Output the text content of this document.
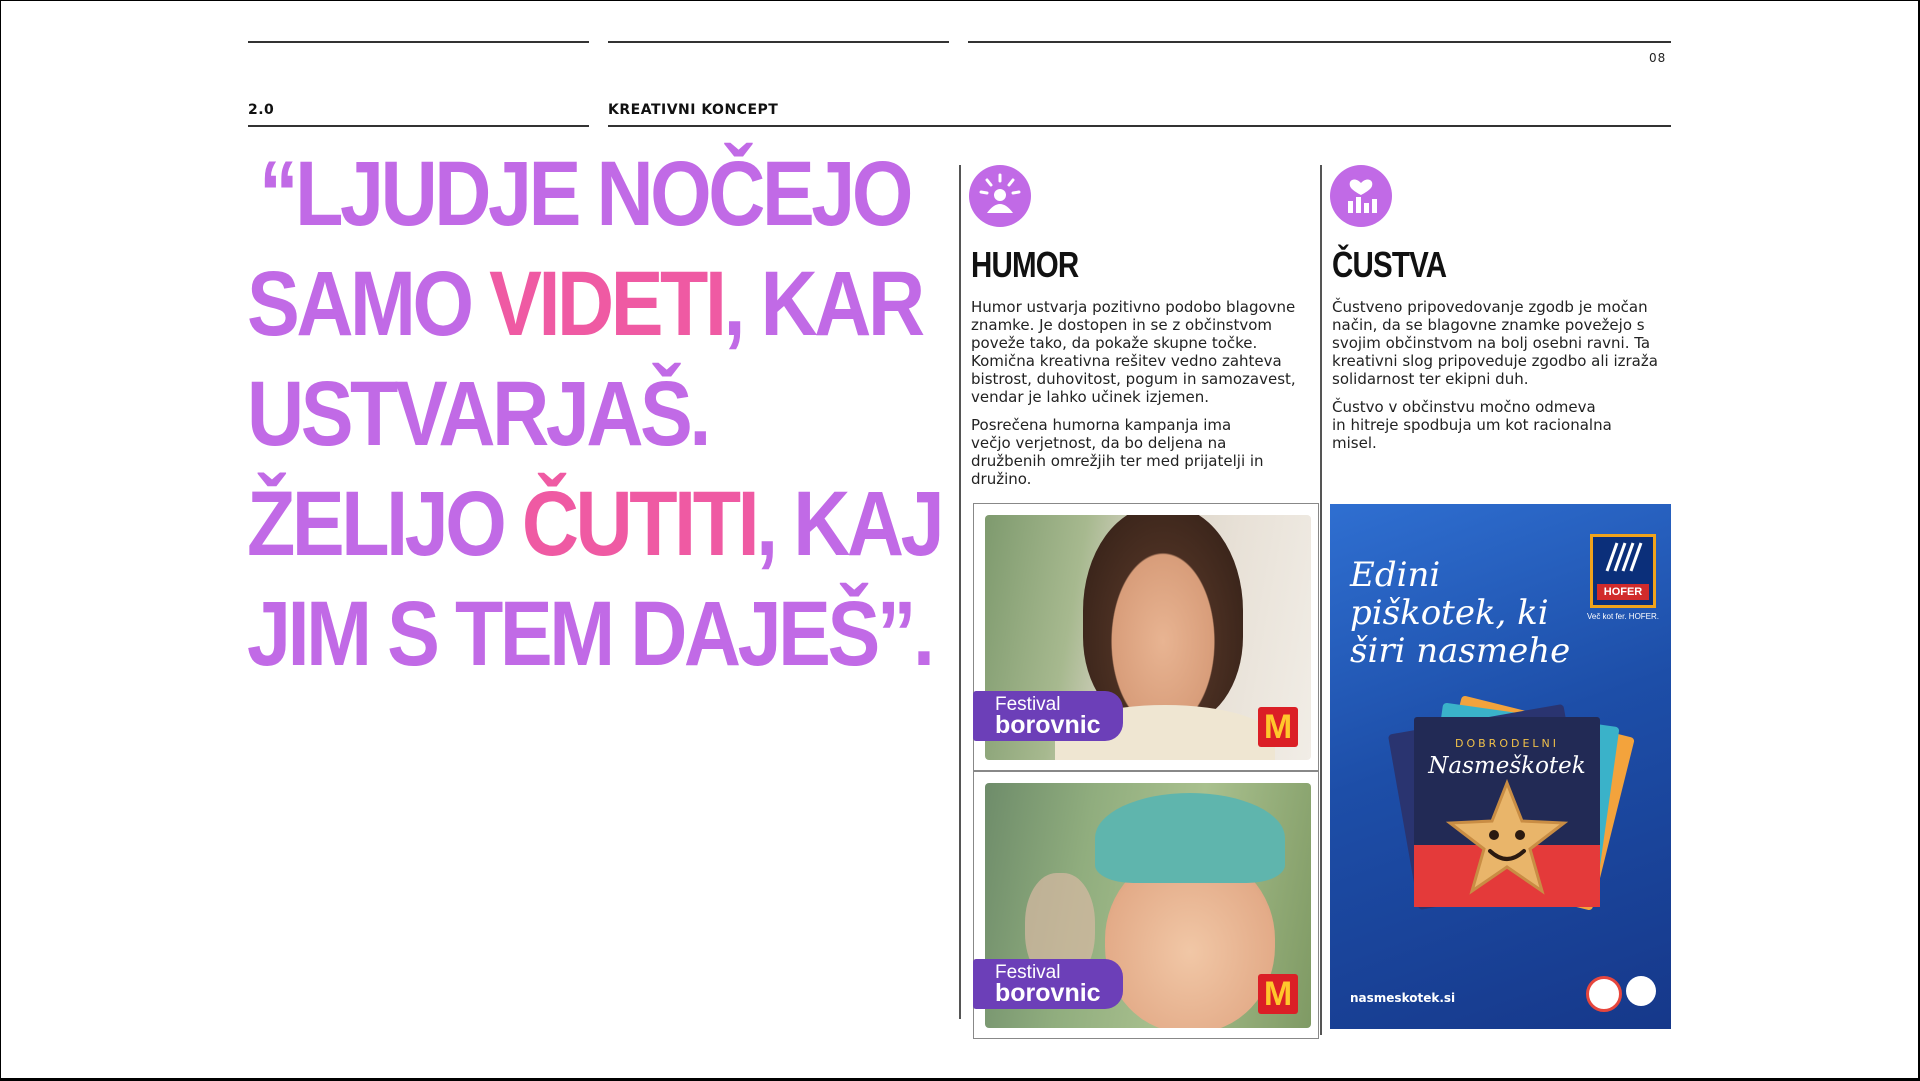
08
2.0	KREATIVNI KONCEPT
“LJUDJE NOČEJO
SAMO VIDETI, KAR
USTVARJAŠ.
ŽELIJO ČUTITI, KAJ
JIM S TEM DAJEŠ”.
HUMOR

Humor ustvarja pozitivno podobo blagovne znamke. Je dostopen in se z občinstvom poveže tako, da pokaže skupne točke. Komična kreativna rešitev vedno zahteva bistrost, duhovitost, pogum in samozavest, vendar je lahko učinek izjemen.

Posrečena humorna kampanja ima večjo verjetnost, da bo deljena na družbenih omrežjih ter med prijatelji in družino.

Festival
borovnic	M
Festival
borovnic	M
ČUSTVA

Čustveno pripovedovanje zgodb je močan način, da se blagovne znamke povežejo s svojim občinstvom na bolj osebni ravni. Ta kreativni slog pripoveduje zgodbo ali izraža solidarnost ter ekipni duh.

Čustvo v občinstvu močno odmeva in hitreje spodbuja um kot racionalna misel.

Edini piškotek, ki širi nasmehe
HOFER
Več kot fer. HOFER.
DOBRODELNI
Nasmeškotek
nasmeskotek.si
